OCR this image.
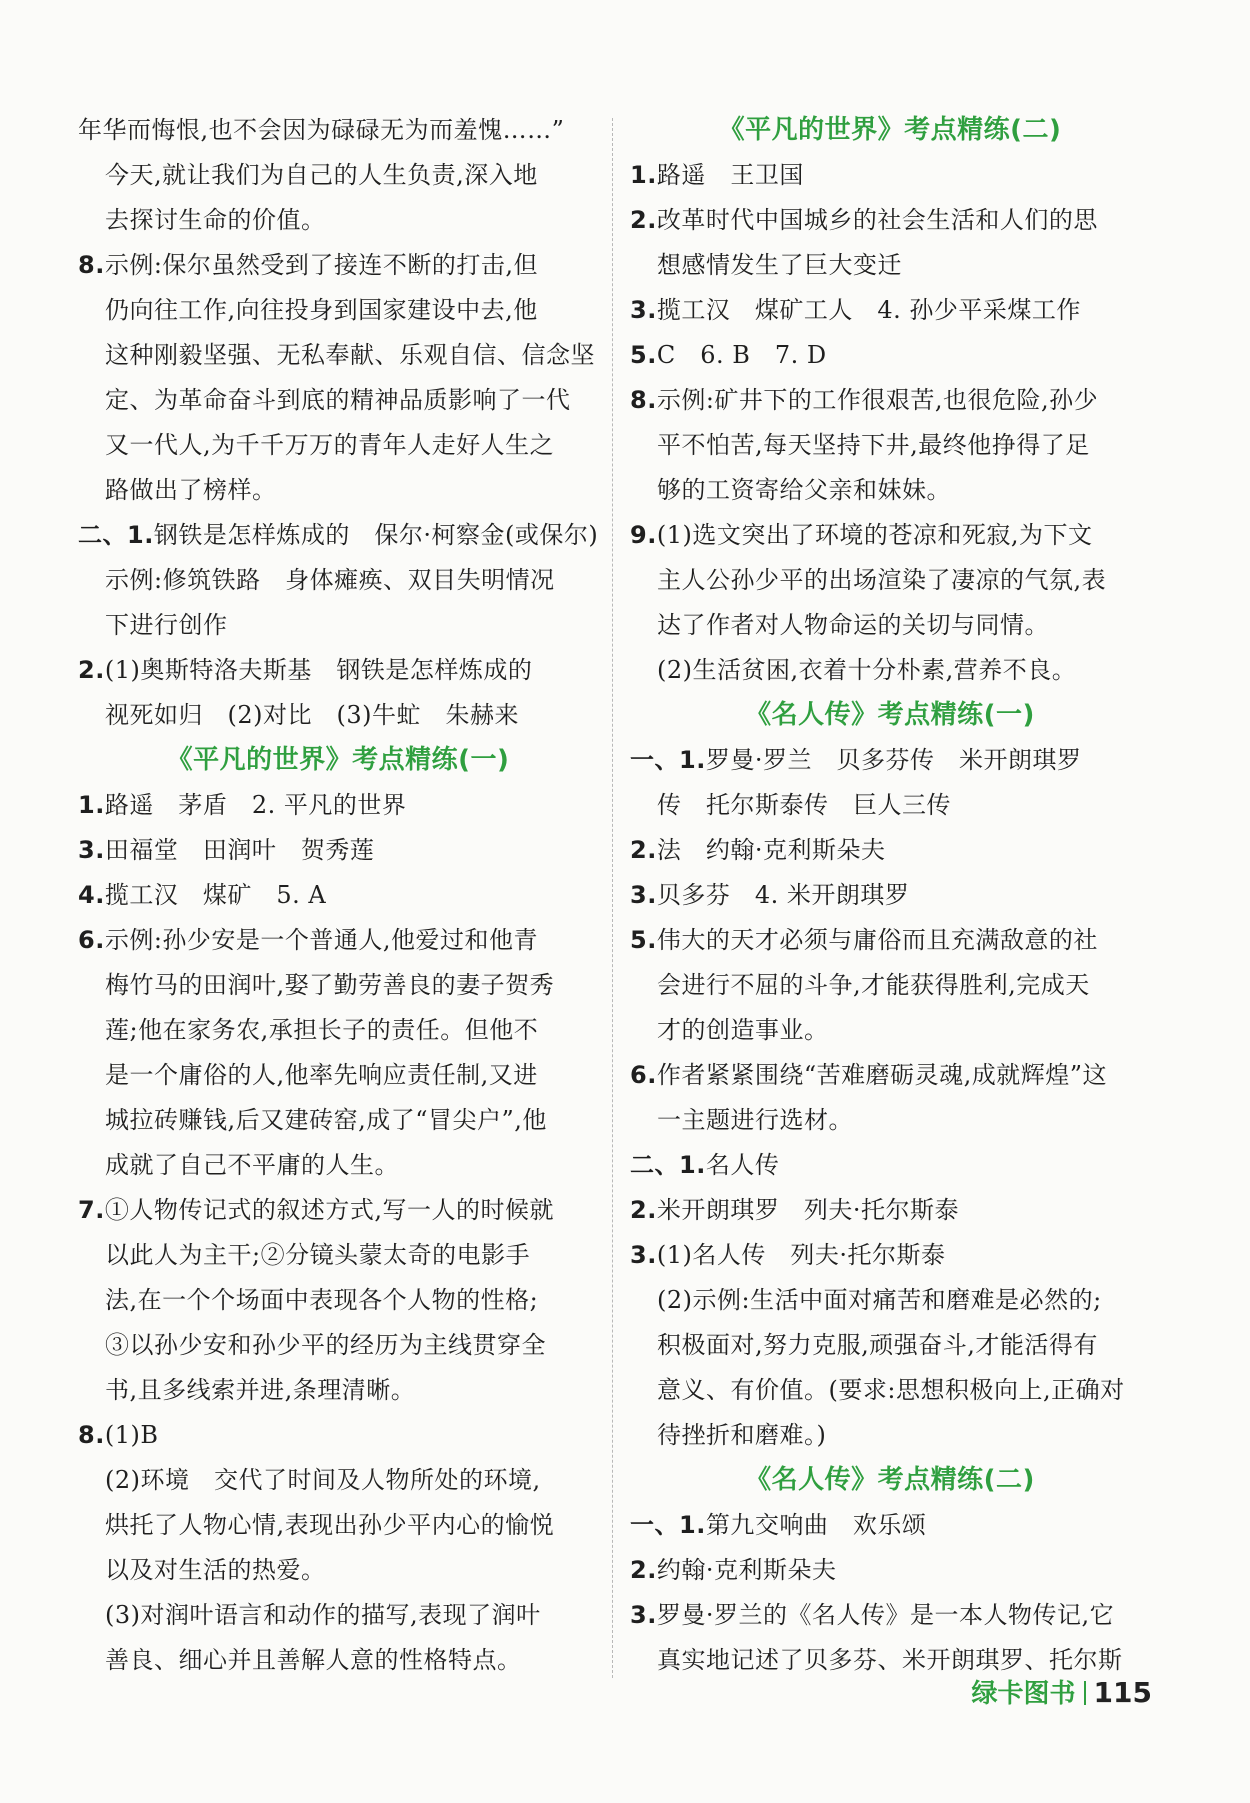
年华而悔恨,也不会因为碌碌无为而羞愧……”
今天,就让我们为自己的人生负责,深入地
去探讨生命的价值。
8.示例:保尔虽然受到了接连不断的打击,但
仍向往工作,向往投身到国家建设中去,他
这种刚毅坚强、无私奉献、乐观自信、信念坚
定、为革命奋斗到底的精神品质影响了一代
又一代人,为千千万万的青年人走好人生之
路做出了榜样。
二、1.钢铁是怎样炼成的　保尔·柯察金(或保尔)
示例:修筑铁路　身体瘫痪、双目失明情况
下进行创作
2.(1)奥斯特洛夫斯基　钢铁是怎样炼成的
视死如归　(2)对比　(3)牛虻　朱赫来
《平凡的世界》考点精练(一)
1.路遥　茅盾　2. 平凡的世界
3.田福堂　田润叶　贺秀莲
4.揽工汉　煤矿　5. A
6.示例:孙少安是一个普通人,他爱过和他青
梅竹马的田润叶,娶了勤劳善良的妻子贺秀
莲;他在家务农,承担长子的责任。但他不
是一个庸俗的人,他率先响应责任制,又进
城拉砖赚钱,后又建砖窑,成了“冒尖户”,他
成就了自己不平庸的人生。
7.①人物传记式的叙述方式,写一人的时候就
以此人为主干;②分镜头蒙太奇的电影手
法,在一个个场面中表现各个人物的性格;
③以孙少安和孙少平的经历为主线贯穿全
书,且多线索并进,条理清晰。
8.(1)B
(2)环境　交代了时间及人物所处的环境,
烘托了人物心情,表现出孙少平内心的愉悦
以及对生活的热爱。
(3)对润叶语言和动作的描写,表现了润叶
善良、细心并且善解人意的性格特点。
《平凡的世界》考点精练(二)
1.路遥　王卫国
2.改革时代中国城乡的社会生活和人们的思
想感情发生了巨大变迁
3.揽工汉　煤矿工人　4. 孙少平采煤工作
5.C　6. B　7. D
8.示例:矿井下的工作很艰苦,也很危险,孙少
平不怕苦,每天坚持下井,最终他挣得了足
够的工资寄给父亲和妹妹。
9.(1)选文突出了环境的苍凉和死寂,为下文
主人公孙少平的出场渲染了凄凉的气氛,表
达了作者对人物命运的关切与同情。
(2)生活贫困,衣着十分朴素,营养不良。
《名人传》考点精练(一)
一、1.罗曼·罗兰　贝多芬传　米开朗琪罗
传　托尔斯泰传　巨人三传
2.法　约翰·克利斯朵夫
3.贝多芬　4. 米开朗琪罗
5.伟大的天才必须与庸俗而且充满敌意的社
会进行不屈的斗争,才能获得胜利,完成天
才的创造事业。
6.作者紧紧围绕“苦难磨砺灵魂,成就辉煌”这
一主题进行选材。
二、1.名人传
2.米开朗琪罗　列夫·托尔斯泰
3.(1)名人传　列夫·托尔斯泰
(2)示例:生活中面对痛苦和磨难是必然的;
积极面对,努力克服,顽强奋斗,才能活得有
意义、有价值。(要求:思想积极向上,正确对
待挫折和磨难。)
《名人传》考点精练(二)
一、1.第九交响曲　欢乐颂
2.约翰·克利斯朵夫
3.罗曼·罗兰的《名人传》是一本人物传记,它
真实地记述了贝多芬、米开朗琪罗、托尔斯
绿卡图书 115
